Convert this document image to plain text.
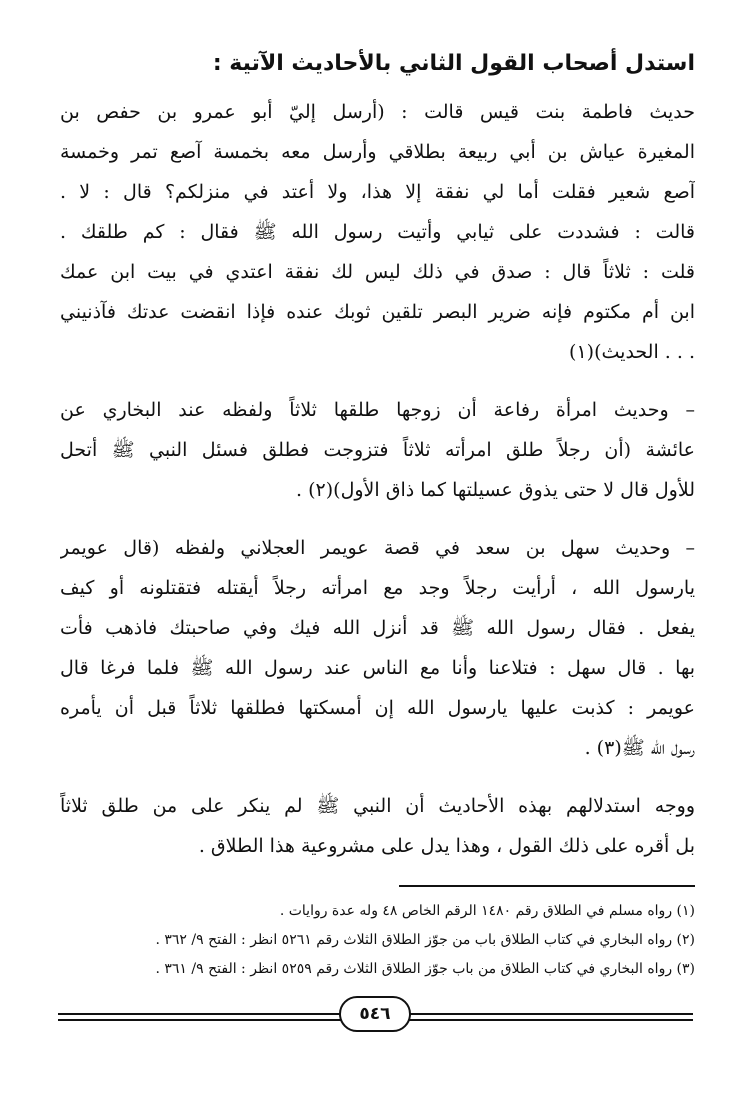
استدل أصحاب القول الثاني بالأحاديث الآتية :
حديث فاطمة بنت قيس قالت : (أرسل إليّ أبو عمرو بن حفص بن
المغيرة عياش بن أبي ربيعة بطلاقي وأرسل معه بخمسة آصع تمر وخمسة
آصع شعير فقلت أما لي نفقة إلا هذا، ولا أعتد في منزلكم؟ قال : لا .
قالت : فشددت على ثيابي وأتيت رسول الله ﷺ فقال : كم طلقك .
قلت : ثلاثاً قال : صدق في ذلك ليس لك نفقة اعتدي في بيت ابن عمك
ابن أم مكتوم فإنه ضرير البصر تلقين ثوبك عنده فإذا انقضت عدتك فآذنيني
. . . الحديث)(١)
– وحديث امرأة رفاعة أن زوجها طلقها ثلاثاً ولفظه عند البخاري عن
عائشة (أن رجلاً طلق امرأته ثلاثاً فتزوجت فطلق فسئل النبي ﷺ أتحل
للأول قال لا حتى يذوق عسيلتها كما ذاق الأول)(٢) .
– وحديث سهل بن سعد في قصة عويمر العجلاني ولفظه (قال عويمر
يارسول الله ، أرأيت رجلاً وجد مع امرأته رجلاً أيقتله فتقتلونه أو كيف
يفعل . فقال رسول الله ﷺ قد أنزل الله فيك وفي صاحبتك فاذهب فأت
بها . قال سهل : فتلاعنا وأنا مع الناس عند رسول الله ﷺ فلما فرغا قال
عويمر : كذبت عليها يارسول الله إن أمسكتها فطلقها ثلاثاً قبل أن يأمره
رسول الله ﷺ(٣) .
ووجه استدلالهم بهذه الأحاديث أن النبي ﷺ لم ينكر على من طلق ثلاثاً
بل أقره على ذلك القول ، وهذا يدل على مشروعية هذا الطلاق .
(١) رواه مسلم في الطلاق رقم ١٤٨٠ الرقم الخاص ٤٨ وله عدة روايات .
(٢) رواه البخاري في كتاب الطلاق باب من جوّز الطلاق الثلاث رقم ٥٢٦١ انظر : الفتح ٩/ ٣٦٢ .
(٣) رواه البخاري في كتاب الطلاق من باب جوّز الطلاق الثلاث رقم ٥٢٥٩ انظر : الفتح ٩/ ٣٦١ .
٥٤٦
